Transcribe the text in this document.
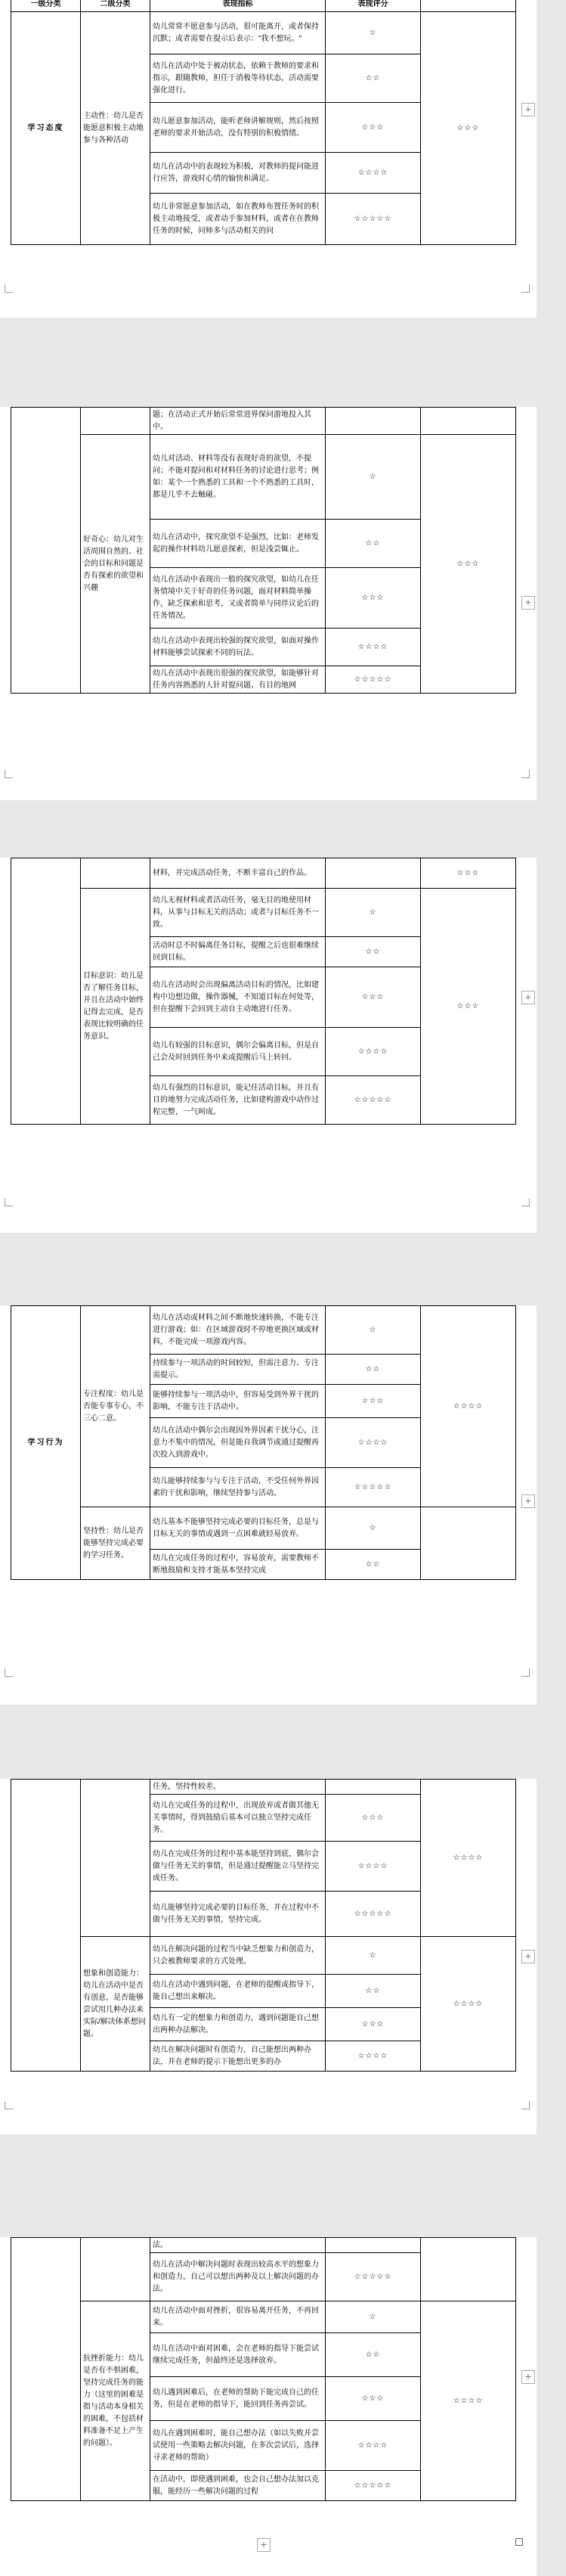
一级分类	二级分类	表现指标	表现评分	
学习态度	主动性：幼儿是否能愿意积极主动地参与各种活动	幼儿常常不愿意参与活动，很可能离开，或者保持沉默；或者需要在提示后表示："我不想玩。"	☆	☆☆☆
		幼儿在活动中处于被动状态，依赖于教师的要求和指示，跟随教师，担任于消极等待状态，活动需要强化进行。	☆☆	
		幼儿愿意参加活动，能听老师讲解规则，然后按照老师的要求开始活动，没有特别的积极情绪。	☆☆☆	
		幼儿在活动中的表现较为积极，对教师的提问能进行应答，游戏时心情的愉快和满足。	☆☆☆☆	
		幼儿非常愿意参加活动，如在教师布置任务时的积极主动地接受，或者动手参加材料，或者在在教师任务的时候，问师多与活动相关的问	☆☆☆☆☆	
+
		题；在活动正式开始后常常进界保问游地投入其中。		
	好奇心：幼儿对生活周围自然的、社会的目标和问题是否有探索的欲望和兴趣	幼儿对活动、材料等没有表现好奇的欲望，不提问；不能对提问和对材料任务的讨论进行思考；例如：某个一个熟悉的工具和一个不熟悉的工具时，都是几乎不去触碰。	☆	☆☆☆
		幼儿在活动中，探究欲望不是强烈，比如：老师发起的操作材料幼儿愿意探索，但是浅尝辄止。	☆☆	
		幼儿在活动中表现出一般的探究欲望，如幼儿在任务情境中关于好奇的任务问题，面对材料简单操作，缺乏探索和思考，又或者简单与同伴议论后的任务情况。	☆☆☆	
		幼儿在活动中表现出较强的探究欲望，如面对操作材料能够尝试探索不同的玩法。	☆☆☆☆	
		幼儿在活动中表现出很强的探究欲望，如能够针对任务内容熟悉的人针对提问题、有目的地网	☆☆☆☆☆	
+
		材料，并完成活动任务，不断丰富自己的作品。		☆☆☆
	目标意识：幼儿是否了解任务目标，并且在活动中始终记得去完成，是否表现比较明确的任务意识。	幼儿无视材料或者活动任务，毫无目的地使用材料，从事与目标无关的活动；或者与目标任务不一致。	☆	☆☆☆
		活动时总不时偏离任务目标，提醒之后也很难继续回到目标。	☆☆	
		幼儿在活动时会出现偏离活动目标的情况，比如建构中边想边做，操作器械，不知道目标在何处等，但在提醒下会回到主动自主动地进行任务。	☆☆☆	
		幼儿有较强的目标意识，偶尔会偏离目标，但是自己会及时回到任务中来或提醒后马上转回。	☆☆☆☆	
		幼儿有强烈的目标意识，能记住活动目标，并且有目的地努力完成活动任务，比如建构游戏中动作过程完整，一气呵成。	☆☆☆☆☆	
+
学习行为	专注程度：幼儿是否能专事专心，不三心二意。	幼儿在活动或材料之间不断地快速转换，不能专注进行游戏；如：在区域游戏时不停地更换区域或材料，不能完成一项游戏内容。	☆	☆☆☆☆
		持续参与一项活动的时间较短，但需注意力、专注需提示。	☆☆	
		能够持续参与一项活动中，但容易受到外界干扰的影响，不能专注于活动中。	☆☆☆	
		幼儿在活动中偶尔会出现因外界因素干扰分心，注意力不集中的情况，但是能自我调节或通过提醒再次投入到游戏中。	☆☆☆☆	
		幼儿能够持续参与与专注于活动，不受任何外界因素的干扰和影响，继续坚持参与活动。	☆☆☆☆☆	
	坚持性：幼儿是否能够坚持完成必要的学习任务。	幼儿基本不能够坚持完成必要的目标任务，总是与目标无关的事情或遇到一点困难就轻易放弃。	☆	
		幼儿在完成任务的过程中，容易放弃，需要教师不断地鼓励和支持才能基本坚持完成	☆☆	
+
		任务，坚持性较差。		☆☆☆☆
		幼儿在完成任务的过程中，出现放弃或者做其他无关事情时，得到鼓励后基本可以独立坚持完成任务。	☆☆☆	
		幼儿在完成任务的过程中基本能坚持到底，偶尔会做与任务无关的事情，但是通过提醒能立马坚持完成任务。	☆☆☆☆	
		幼儿能够坚持完成必要的目标任务，并在过程中不做与任务无关的事情，坚持完成。	☆☆☆☆☆	
	想象和创造能力：幼儿在活动中是否有创意，是否能够尝试用几种办法来实际/解决体系想问题。	幼儿在解决问题的过程当中缺乏想象力和创造力，只会被教师要求的方式处理。	☆	☆☆☆☆
		幼儿在活动中遇到问题，在老师的提醒或指导下，能自己想出来解决。	☆☆	
		幼儿有一定的想象力和创造力，遇到问题能自己想出两种办法解决。	☆☆☆	
		幼儿在解决问题时有创造力，自己能想出两种办法，并在老师的提示下能想出更多的办	☆☆☆☆	
+
		法。		
		幼儿在活动中解决问题时表现出较高水平的想象力和创造力，自己可以想出两种及以上解决问题的办法。	☆☆☆☆☆	
	抗挫折能力：幼儿是否有不惧困难，坚持完成任务的能力（这里的困难是指与活动本身相关的困难，不包括材料准备不足上产生的问题）。	幼儿在活动中面对挫折，很容易离开任务，不再回来。	☆	☆☆☆☆
		幼儿在活动中面对困难，会在老师的指导下能尝试继续完成任务，但最终还是选择放弃。	☆☆	
		幼儿遇到困难后，在老师的帮助下能完成自己的任务，但是在老师的指导下，能回到任务再尝试。	☆☆☆	
		幼儿在遇到困难时，能自己想办法（如以失败并尝试使用一些策略去解决问题，在多次尝试后，选择寻求老师的帮助）	☆☆☆☆	
		在活动中，即使遇到困难，也会自己想办法加以克服，能经历一些解决问题的过程	☆☆☆☆☆	
+
+
